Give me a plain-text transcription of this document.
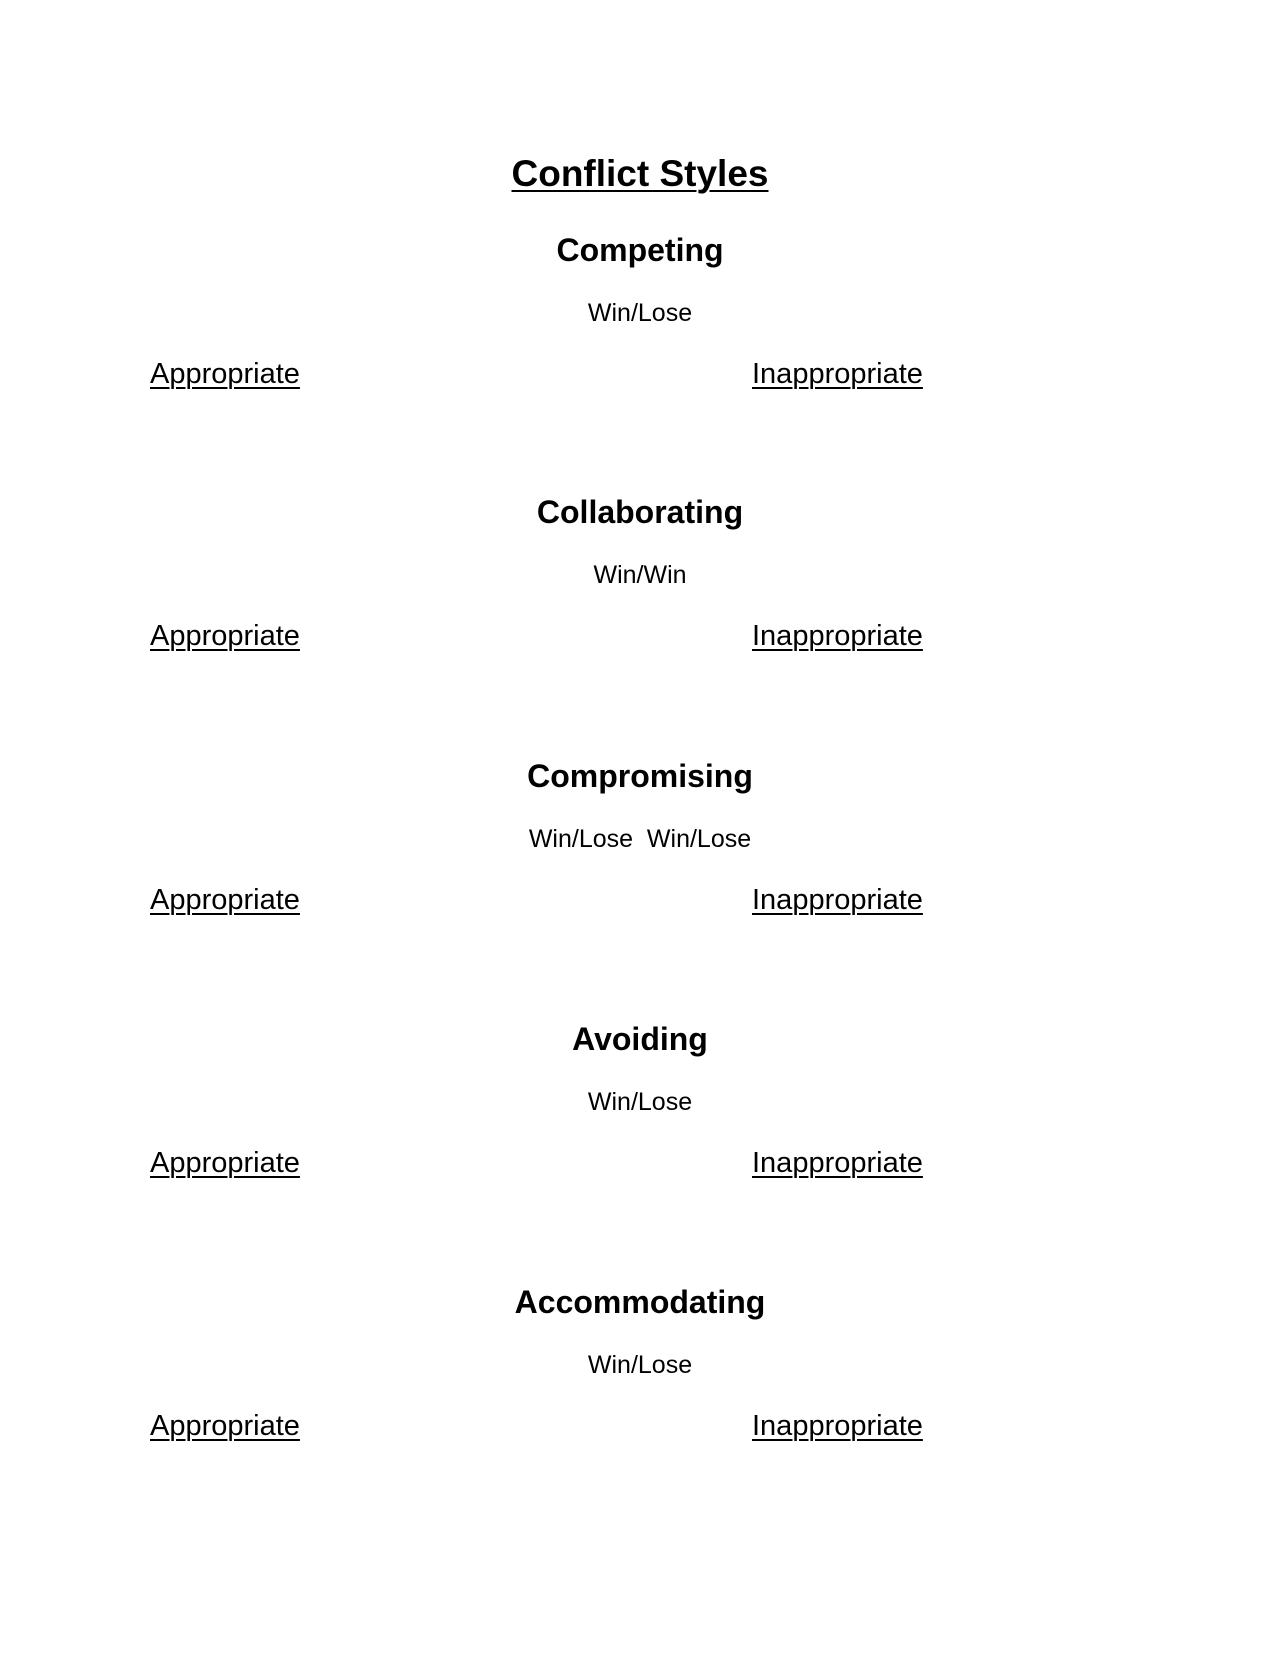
Conflict Styles
Competing
Win/Lose
Appropriate	Inappropriate
Collaborating
Win/Win
Appropriate	Inappropriate
Compromising
Win/Lose  Win/Lose
Appropriate	Inappropriate
Avoiding
Win/Lose
Appropriate	Inappropriate
Accommodating
Win/Lose
Appropriate	Inappropriate
